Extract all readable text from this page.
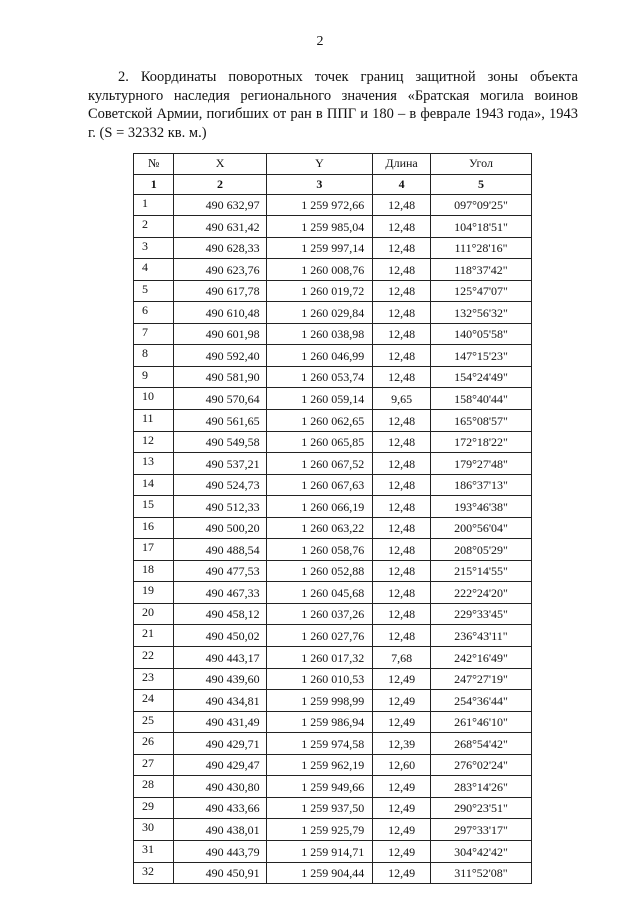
2
2. Координаты поворотных точек границ защитной зоны объекта культурного наследия регионального значения «Братская могила воинов Советской Армии, погибших от ран в ППГ и 180 – в феврале 1943 года», 1943 г. (S = 32332 кв. м.)
№	X	Y	Длина	Угол
1	2	3	4	5
1	490 632,97	1 259 972,66	12,48	097°09'25"
2	490 631,42	1 259 985,04	12,48	104°18'51"
3	490 628,33	1 259 997,14	12,48	111°28'16"
4	490 623,76	1 260 008,76	12,48	118°37'42"
5	490 617,78	1 260 019,72	12,48	125°47'07"
6	490 610,48	1 260 029,84	12,48	132°56'32"
7	490 601,98	1 260 038,98	12,48	140°05'58"
8	490 592,40	1 260 046,99	12,48	147°15'23"
9	490 581,90	1 260 053,74	12,48	154°24'49"
10	490 570,64	1 260 059,14	9,65	158°40'44"
11	490 561,65	1 260 062,65	12,48	165°08'57"
12	490 549,58	1 260 065,85	12,48	172°18'22"
13	490 537,21	1 260 067,52	12,48	179°27'48"
14	490 524,73	1 260 067,63	12,48	186°37'13"
15	490 512,33	1 260 066,19	12,48	193°46'38"
16	490 500,20	1 260 063,22	12,48	200°56'04"
17	490 488,54	1 260 058,76	12,48	208°05'29"
18	490 477,53	1 260 052,88	12,48	215°14'55"
19	490 467,33	1 260 045,68	12,48	222°24'20"
20	490 458,12	1 260 037,26	12,48	229°33'45"
21	490 450,02	1 260 027,76	12,48	236°43'11"
22	490 443,17	1 260 017,32	7,68	242°16'49"
23	490 439,60	1 260 010,53	12,49	247°27'19"
24	490 434,81	1 259 998,99	12,49	254°36'44"
25	490 431,49	1 259 986,94	12,49	261°46'10"
26	490 429,71	1 259 974,58	12,39	268°54'42"
27	490 429,47	1 259 962,19	12,60	276°02'24"
28	490 430,80	1 259 949,66	12,49	283°14'26"
29	490 433,66	1 259 937,50	12,49	290°23'51"
30	490 438,01	1 259 925,79	12,49	297°33'17"
31	490 443,79	1 259 914,71	12,49	304°42'42"
32	490 450,91	1 259 904,44	12,49	311°52'08"
